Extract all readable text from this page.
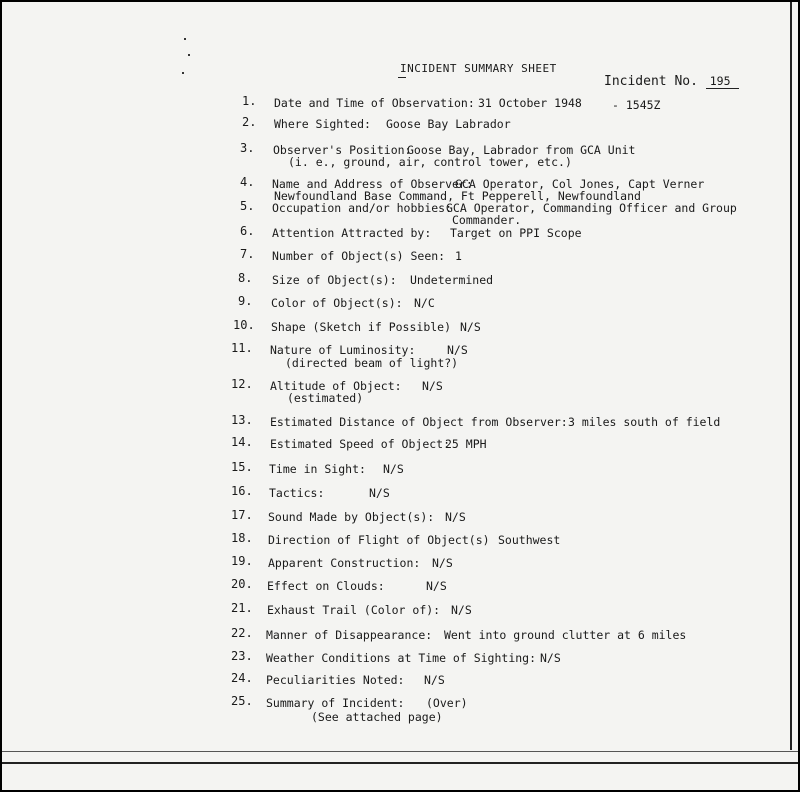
INCIDENT SUMMARY SHEET
Incident No. 195
1. Date and Time of Observation: 31 October 1948	- 1545Z
2. Where Sighted: Goose Bay Labrador
3. Observer's Position:
Goose Bay, Labrador from GCA Unit
(i. e., ground, air, control tower, etc.)
4. Name and Address of Observer:
GCA Operator, Col Jones, Capt Verner
Newfoundland Base Command, Ft Pepperell, Newfoundland
5. Occupation and/or hobbies:
GCA Operator, Commanding Officer and Group
Commander.
6. Attention Attracted by: Target on PPI Scope
7. Number of Object(s) Seen: 1
8. Size of Object(s): Undetermined
9. Color of Object(s): N/C
10. Shape (Sketch if Possible) N/S
11. Nature of Luminosity:	N/S
(directed beam of light?)
12. Altitude of Object: N/S
(estimated)
13. Estimated Distance of Object from Observer: 3 miles south of field
14. Estimated Speed of Object:
25 MPH
15. Time in Sight: N/S
16. Tactics:	N/S
17. Sound Made by Object(s): N/S
18. Direction of Flight of Object(s) Southwest
19. Apparent Construction: N/S
20. Effect on Clouds:	N/S
21. Exhaust Trail (Color of): N/S
22. Manner of Disappearance: Went into ground clutter at 6 miles
23. Weather Conditions at Time of Sighting: N/S
24. Peculiarities Noted: N/S
25. Summary of Incident: (Over)
(See attached page)
